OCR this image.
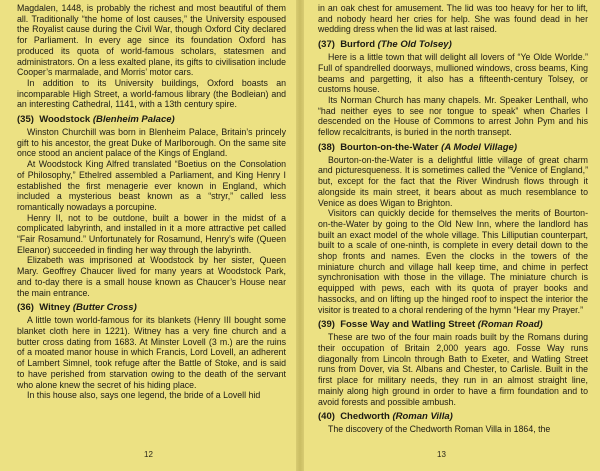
Magdalen, 1448, is probably the richest and most beautiful of them all. Traditionally “the home of lost causes,” the University espoused the Royalist cause during the Civil War, though Oxford City declared for Parliament. In every age since its foundation Oxford has produced its quota of world-famous scholars, statesmen and administrators. On a less exalted plane, its gifts to civilisation include Cooper’s marmalade, and Morris’ motor cars.

In addition to its University buildings, Oxford boasts an incomparable High Street, a world-famous library (the Bodleian) and an interesting Cathedral, 1141, with a 13th century spire.

(35) Woodstock (Blenheim Palace)

Winston Churchill was born in Blenheim Palace, Britain’s princely gift to his ancestor, the great Duke of Marlborough. On the same site once stood an ancient palace of the Kings of England.

At Woodstock King Alfred translated “Boetius on the Consolation of Philosophy,” Ethelred assembled a Parliament, and King Henry I established the first menagerie ever known in England, which included a mysterious beast known as a “stryr,” called less romantically nowadays a porcupine.

Henry II, not to be outdone, built a bower in the midst of a complicated labyrinth, and installed in it a more attractive pet called “Fair Rosamund.” Unfortunately for Rosamund, Henry’s wife (Queen Eleanor) succeeded in finding her way through the labyrinth.

Elizabeth was imprisoned at Woodstock by her sister, Queen Mary. Geoffrey Chaucer lived for many years at Woodstock Park, and to-day there is a small house known as Chaucer’s House near the main entrance.

(36) Witney (Butter Cross)

A little town world-famous for its blankets (Henry III bought some blanket cloth here in 1221). Witney has a very fine church and a butter cross dating from 1683. At Minster Lovell (3 m.) are the ruins of a moated manor house in which Francis, Lord Lovell, an adherent of Lambert Simnel, took refuge after the Battle of Stoke, and is said to have perished from starvation owing to the death of the servant who alone knew the secret of his hiding place.

In this house also, says one legend, the bride of a Lovell hid

12

in an oak chest for amusement. The lid was too heavy for her to lift, and nobody heard her cries for help. She was found dead in her wedding dress when the lid was at last raised.

(37) Burford (The Old Tolsey)

Here is a little town that will delight all lovers of “Ye Olde Worlde.” Full of spandrelled doorways, mullioned windows, cross beams, King beams and pargetting, it also has a fifteenth-century Tolsey, or customs house.

Its Norman Church has many chapels. Mr. Speaker Lenthall, who “had neither eyes to see nor tongue to speak” when Charles I descended on the House of Commons to arrest John Pym and his fellow recalcitrants, is buried in the north transept.

(38) Bourton-on-the-Water (A Model Village)

Bourton-on-the-Water is a delightful little village of great charm and picturesqueness. It is sometimes called the “Venice of England,” but, except for the fact that the River Windrush flows through it alongside its main street, it bears about as much resemblance to Venice as does Wigan to Brighton.

Visitors can quickly decide for themselves the merits of Bourton-on-the-Water by going to the Old New Inn, where the landlord has built an exact model of the whole village. This Lilliputian counterpart, built to a scale of one-ninth, is complete in every detail down to the shop fronts and names. Even the clocks in the towers of the miniature church and village hall keep time, and chime in perfect synchronisation with those in the village. The miniature church is equipped with pews, each with its quota of prayer books and hassocks, and on lifting up the hinged roof to inspect the interior the visitor is treated to a choral rendering of the hymn “Hear my Prayer.”

(39) Fosse Way and Watling Street (Roman Road)

These are two of the four main roads built by the Romans during their occupation of Britain 2,000 years ago. Fosse Way runs diagonally from Lincoln through Bath to Exeter, and Watling Street runs from Dover, via St. Albans and Chester, to Carlisle. Built in the first place for military needs, they run in an almost straight line, mainly along high ground in order to have a firm foundation and to avoid forests and possible ambush.

(40) Chedworth (Roman Villa)

The discovery of the Chedworth Roman Villa in 1864, the

13
